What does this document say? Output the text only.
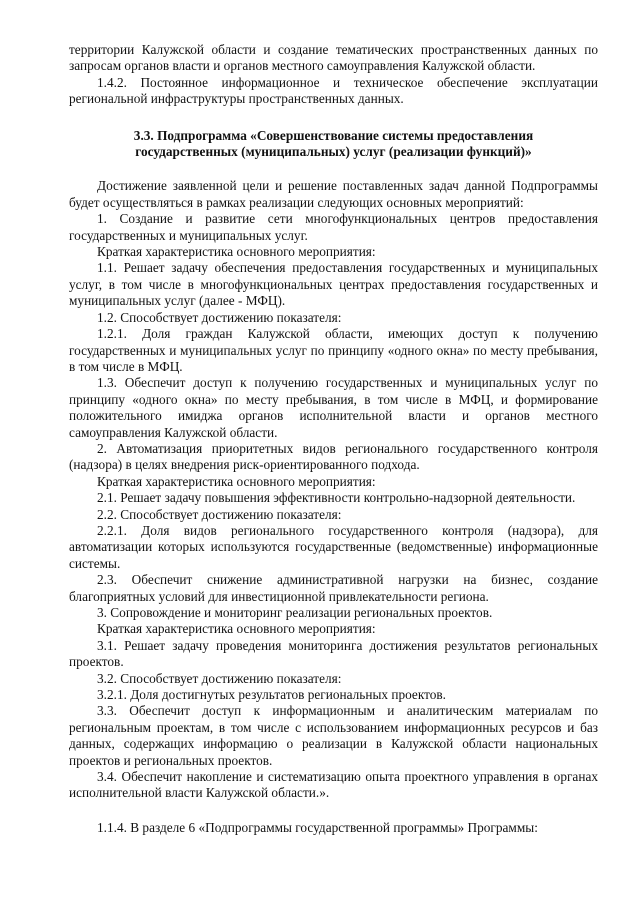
территории Калужской области и создание тематических пространственных данных по запросам органов власти и органов местного самоуправления Калужской области.

1.4.2. Постоянное информационное и техническое обеспечение эксплуатации региональной инфраструктуры пространственных данных.

3.3. Подпрограмма «Совершенствование системы предоставления государственных (муниципальных) услуг (реализации функций)»

Достижение заявленной цели и решение поставленных задач данной Подпрограммы будет осуществляться в рамках реализации следующих основных мероприятий:

1. Создание и развитие сети многофункциональных центров предоставления государственных и муниципальных услуг.

Краткая характеристика основного мероприятия:

1.1. Решает задачу обеспечения предоставления государственных и муниципальных услуг, в том числе в многофункциональных центрах предоставления государственных и муниципальных услуг (далее - МФЦ).

1.2. Способствует достижению показателя:

1.2.1. Доля граждан Калужской области, имеющих доступ к получению государственных и муниципальных услуг по принципу «одного окна» по месту пребывания, в том числе в МФЦ.

1.3. Обеспечит доступ к получению государственных и муниципальных услуг по принципу «одного окна» по месту пребывания, в том числе в МФЦ, и формирование положительного имиджа органов исполнительной власти и органов местного самоуправления Калужской области.

2. Автоматизация приоритетных видов регионального государственного контроля (надзора) в целях внедрения риск-ориентированного подхода.

Краткая характеристика основного мероприятия:

2.1. Решает задачу повышения эффективности контрольно-надзорной деятельности.

2.2. Способствует достижению показателя:

2.2.1. Доля видов регионального государственного контроля (надзора), для автоматизации которых используются государственные (ведомственные) информационные системы.

2.3. Обеспечит снижение административной нагрузки на бизнес, создание благоприятных условий для инвестиционной привлекательности региона.

3. Сопровождение и мониторинг реализации региональных проектов.

Краткая характеристика основного мероприятия:

3.1. Решает задачу проведения мониторинга достижения результатов региональных проектов.

3.2. Способствует достижению показателя:

3.2.1. Доля достигнутых результатов региональных проектов.

3.3. Обеспечит доступ к информационным и аналитическим материалам по региональным проектам, в том числе с использованием информационных ресурсов и баз данных, содержащих информацию о реализации в Калужской области национальных проектов и региональных проектов.

3.4. Обеспечит накопление и систематизацию опыта проектного управления в органах исполнительной власти Калужской области.».

1.1.4. В разделе 6 «Подпрограммы государственной программы» Программы:
